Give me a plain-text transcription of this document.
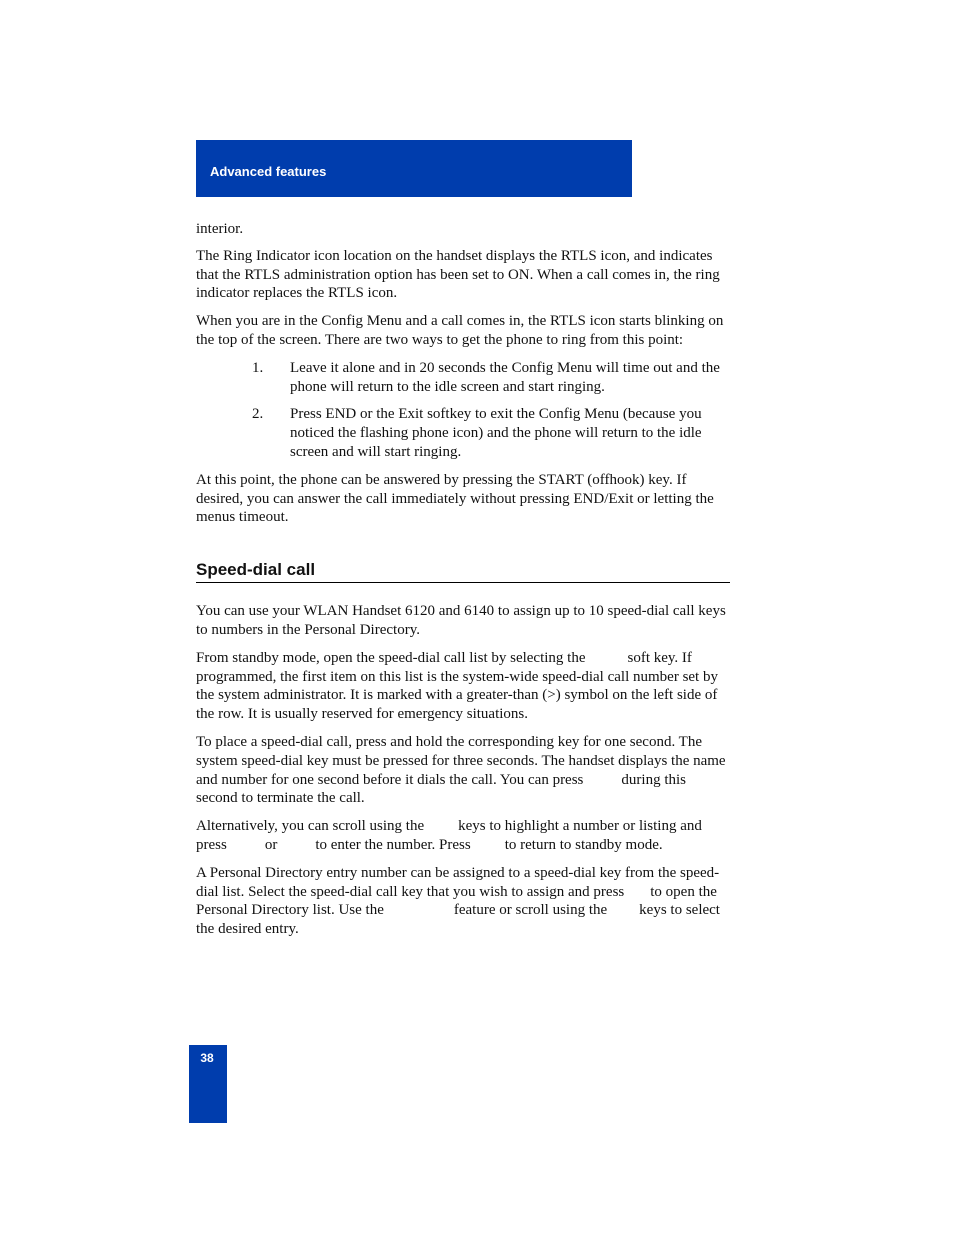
Advanced features

interior.

The Ring Indicator icon location on the handset displays the RTLS icon, and indicates that the RTLS administration option has been set to ON. When a call comes in, the ring indicator replaces the RTLS icon.

When you are in the Config Menu and a call comes in, the RTLS icon starts blinking on the top of the screen. There are two ways to get the phone to ring from this point:

1. Leave it alone and in 20 seconds the Config Menu will time out and the phone will return to the idle screen and start ringing.
2. Press END or the Exit softkey to exit the Config Menu (because you noticed the flashing phone icon) and the phone will return to the idle screen and will start ringing.

At this point, the phone can be answered by pressing the START (offhook) key. If desired, you can answer the call immediately without pressing END/Exit or letting the menus timeout.

Speed-dial call

You can use your WLAN Handset 6120 and 6140 to assign up to 10 speed-dial call keys to numbers in the Personal Directory.

From standby mode, open the speed-dial call list by selecting the	soft key. If programmed, the first item on this list is the system-wide speed-dial call number set by the system administrator. It is marked with a greater-than (>) symbol on the left side of the row. It is usually reserved for emergency situations.

To place a speed-dial call, press and hold the corresponding key for one second. The system speed-dial key must be pressed for three seconds. The handset displays the name and number for one second before it dials the call. You can press	during this second to terminate the call.

Alternatively, you can scroll using the keys to highlight a number or listing and press	or	to enter the number. Press to return to standby mode.

A Personal Directory entry number can be assigned to a speed-dial key from the speed-dial list. Select the speed-dial call key that you wish to assign and press to open the Personal Directory list. Use the	feature or scroll using the keys to select the desired entry.

38
